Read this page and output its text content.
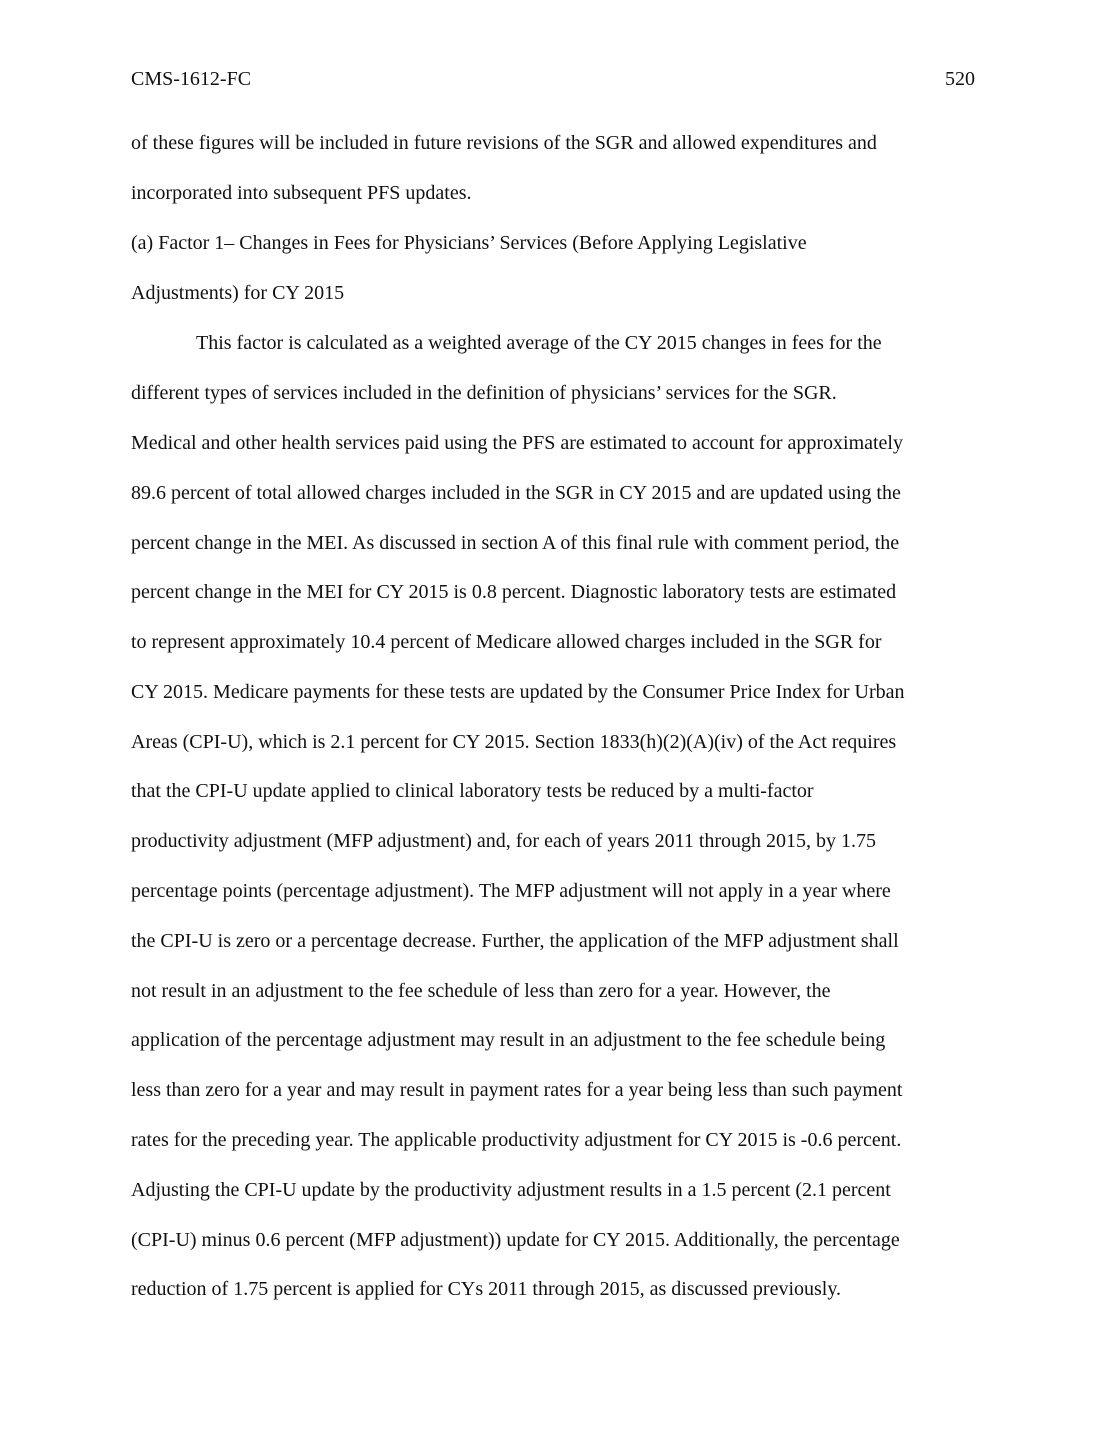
CMS-1612-FC	520
of these figures will be included in future revisions of the SGR and allowed expenditures and
incorporated into subsequent PFS updates.
(a) Factor 1– Changes in Fees for Physicians’ Services (Before Applying Legislative
Adjustments) for CY 2015
This factor is calculated as a weighted average of the CY 2015 changes in fees for the
different types of services included in the definition of physicians’ services for the SGR.
Medical and other health services paid using the PFS are estimated to account for approximately
89.6 percent of total allowed charges included in the SGR in CY 2015 and are updated using the
percent change in the MEI. As discussed in section A of this final rule with comment period, the
percent change in the MEI for CY 2015 is 0.8 percent. Diagnostic laboratory tests are estimated
to represent approximately 10.4 percent of Medicare allowed charges included in the SGR for
CY 2015. Medicare payments for these tests are updated by the Consumer Price Index for Urban
Areas (CPI-U), which is 2.1 percent for CY 2015. Section 1833(h)(2)(A)(iv) of the Act requires
that the CPI-U update applied to clinical laboratory tests be reduced by a multi-factor
productivity adjustment (MFP adjustment) and, for each of years 2011 through 2015, by 1.75
percentage points (percentage adjustment). The MFP adjustment will not apply in a year where
the CPI-U is zero or a percentage decrease. Further, the application of the MFP adjustment shall
not result in an adjustment to the fee schedule of less than zero for a year. However, the
application of the percentage adjustment may result in an adjustment to the fee schedule being
less than zero for a year and may result in payment rates for a year being less than such payment
rates for the preceding year. The applicable productivity adjustment for CY 2015 is -0.6 percent.
Adjusting the CPI-U update by the productivity adjustment results in a 1.5 percent (2.1 percent
(CPI-U) minus 0.6 percent (MFP adjustment)) update for CY 2015. Additionally, the percentage
reduction of 1.75 percent is applied for CYs 2011 through 2015, as discussed previously.
